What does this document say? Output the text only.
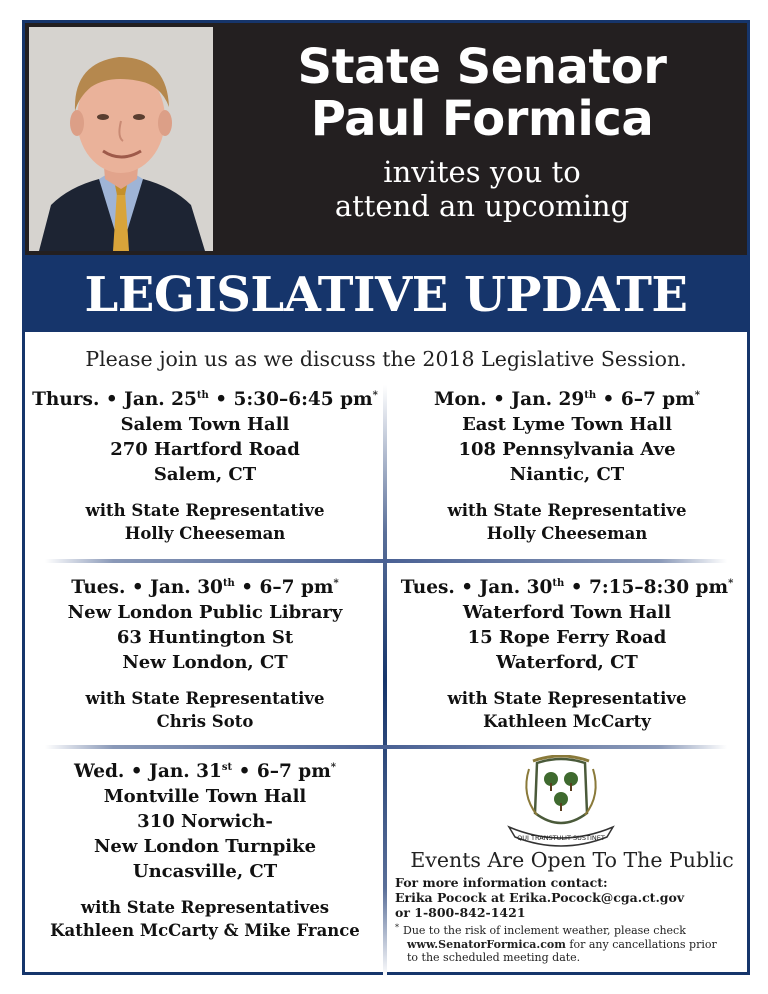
State Senator
Paul Formica
invites you to
attend an upcoming
LEGISLATIVE UPDATE
Please join us as we discuss the 2018 Legislative Session.
Thurs. • Jan. 25th • 5:30–6:45 pm*
Salem Town Hall
270 Hartford Road
Salem, CT
with State Representative
Holly Cheeseman
Mon. • Jan. 29th • 6–7 pm*
East Lyme Town Hall
108 Pennsylvania Ave
Niantic, CT
with State Representative
Holly Cheeseman
Tues. • Jan. 30th • 6–7 pm*
New London Public Library
63 Huntington St
New London, CT
with State Representative
Chris Soto
Tues. • Jan. 30th • 7:15–8:30 pm*
Waterford Town Hall
15 Rope Ferry Road
Waterford, CT
with State Representative
Kathleen McCarty
Wed. • Jan. 31st • 6–7 pm*
Montville Town Hall
310 Norwich-
New London Turnpike
Uncasville, CT
with State Representatives
Kathleen McCarty & Mike France
QUI TRANSTULIT SUSTINET
Events Are Open To The Public
For more information contact:
Erika Pocock at Erika.Pocock@cga.ct.gov
or 1-800-842-1421
* Due to the risk of inclement weather, please check
www.SenatorFormica.com for any cancellations prior
to the scheduled meeting date.
